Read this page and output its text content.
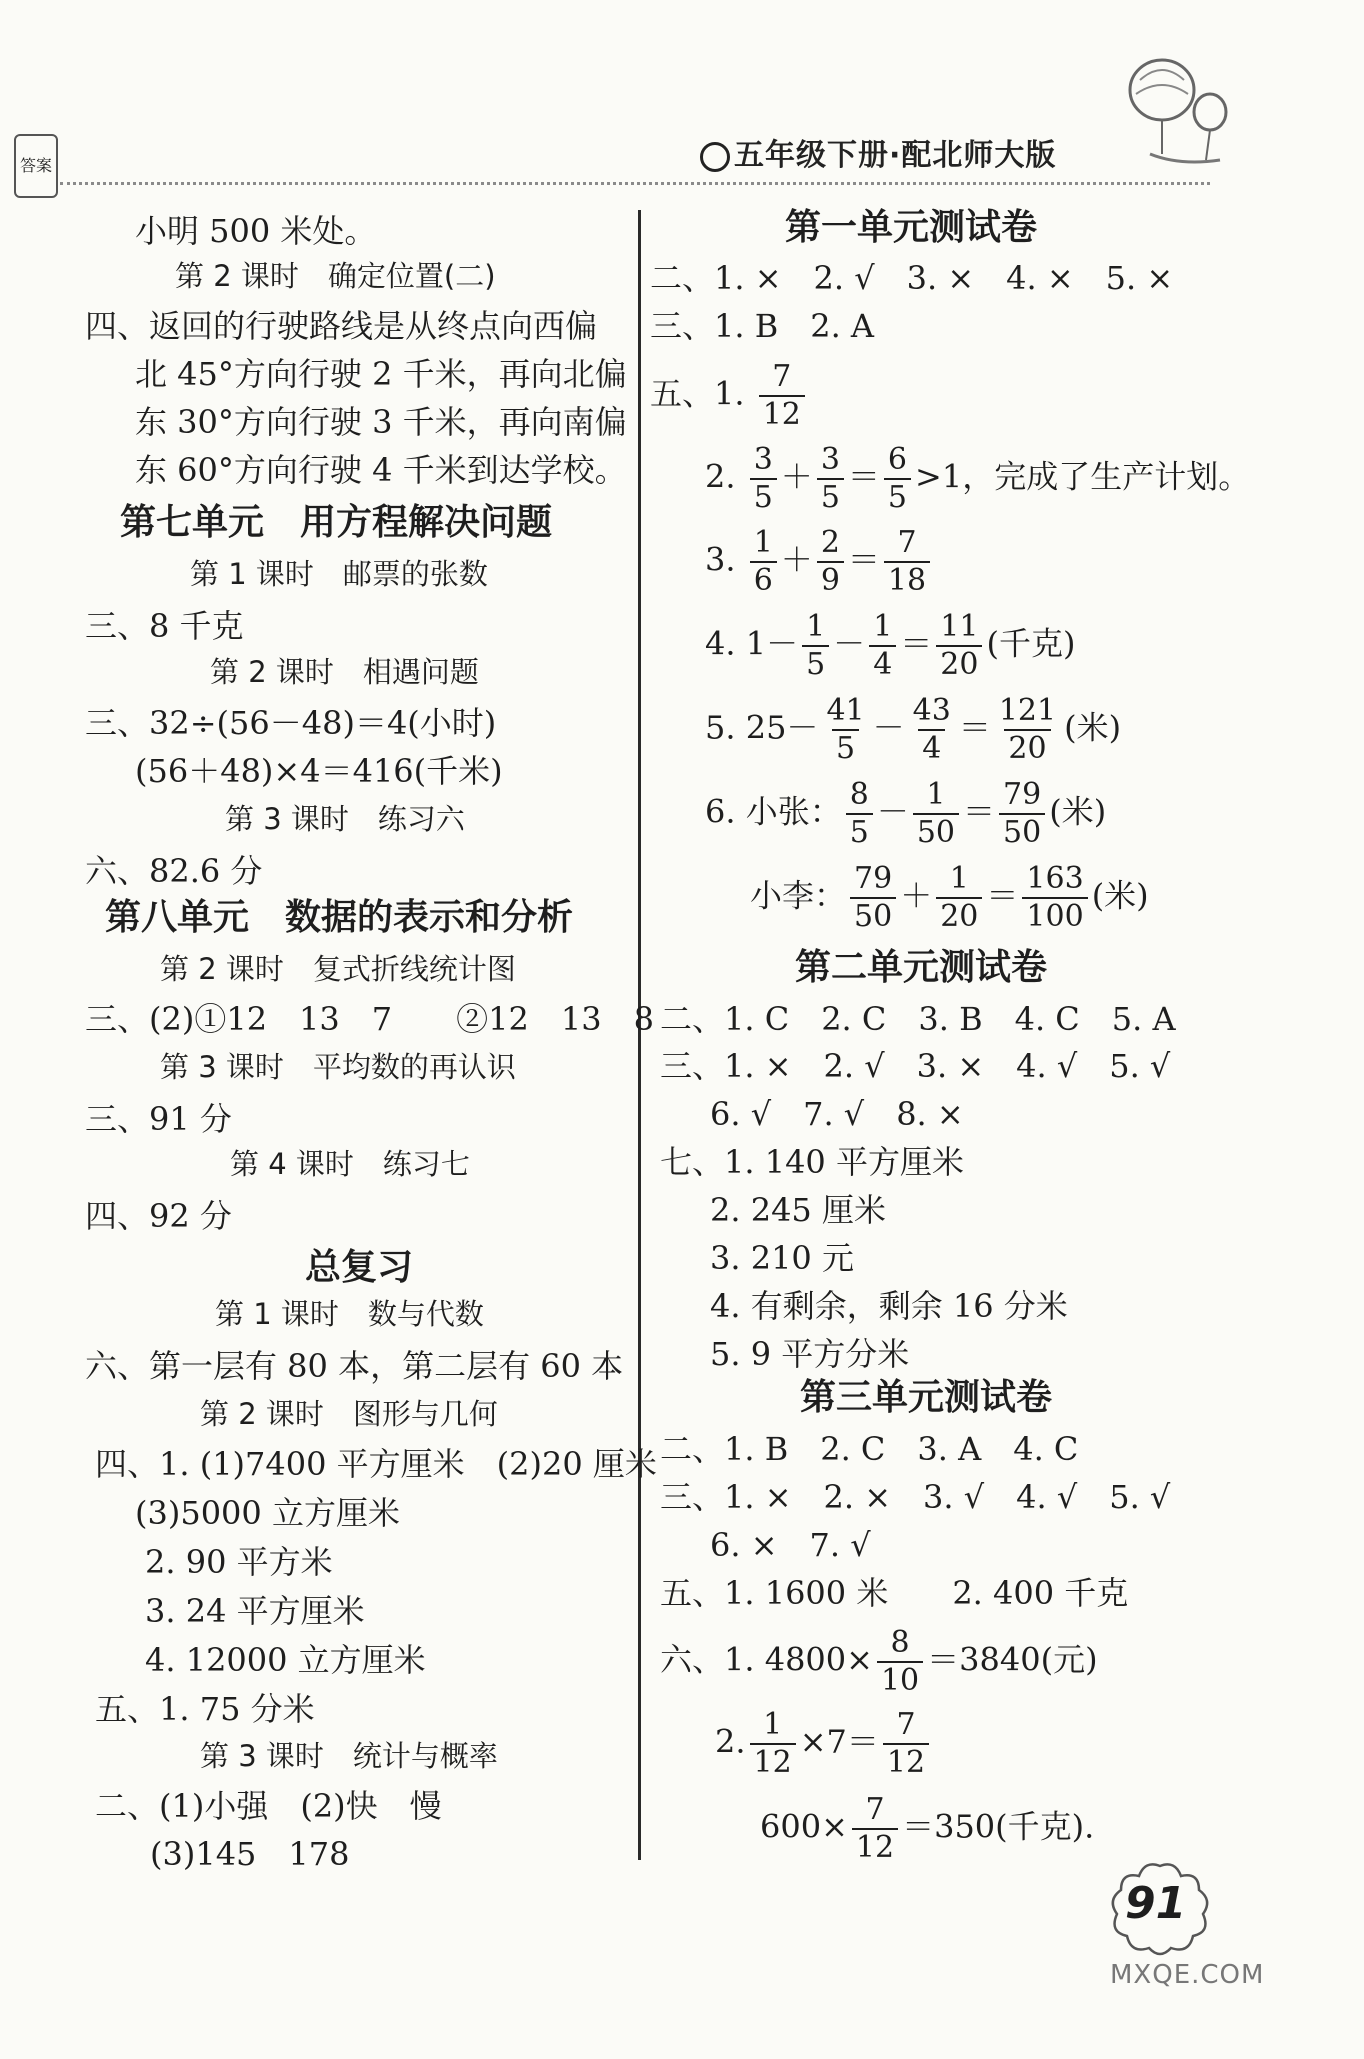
答案	五年级下册·配北师大版
小明 500 米处。
第 2 课时　确定位置(二)
四、返回的行驶路线是从终点向西偏
北 45°方向行驶 2 千米，再向北偏
东 30°方向行驶 3 千米，再向南偏
东 60°方向行驶 4 千米到达学校。
第七单元　用方程解决问题
第 1 课时　邮票的张数
三、8 千克
第 2 课时　相遇问题
三、32÷(56－48)＝4(小时)
(56＋48)×4＝416(千米)
第 3 课时　练习六
六、82.6 分
第八单元　数据的表示和分析
第 2 课时　复式折线统计图
三、(2)①12　13　7　　②12　13　8
第 3 课时　平均数的再认识
三、91 分
第 4 课时　练习七
四、92 分
总复习
第 1 课时　数与代数
六、第一层有 80 本，第二层有 60 本
第 2 课时　图形与几何
四、1. (1)7400 平方厘米　(2)20 厘米
(3)5000 立方厘米
2. 90 平方米
3. 24 平方厘米
4. 12000 立方厘米
五、1. 75 分米
第 3 课时　统计与概率
二、(1)小强　(2)快　慢
(3)145　178
第一单元测试卷
二、1. ×　2. √　3. ×　4. ×　5. ×
三、1. B　2. A
五、1. $\frac{7}{12}$
2. $\frac{3}{5} + \frac{3}{5} = \frac{6}{5} >1$，完成了生产计划。
3. $\frac{1}{6} + \frac{2}{9} = \frac{7}{18}$
4. $1- \frac{1}{5} - \frac{1}{4} = \frac{11}{20}$ (千克)
5. $25- \frac{41}{5} - \frac{43}{4} = \frac{121}{20}$ (米)
6. 小张： $\frac{8}{5} - \frac{1}{50} = \frac{79}{50}$ (米)
小李： $\frac{79}{50} + \frac{1}{20} = \frac{163}{100}$ (米)
第二单元测试卷
二、1. C　2. C　3. B　4. C　5. A
三、1. ×　2. √　3. ×　4. √　5. √
6. √　7. √　8. ×
七、1. 140 平方厘米
2. 245 厘米
3. 210 元
4. 有剩余，剩余 16 分米
5. 9 平方分米
第三单元测试卷
二、1. B　2. C　3. A　4. C
三、1. ×　2. ×　3. √　4. √　5. √
6. ×　7. √
五、1. 1600 米　　2. 400 千克
六、1. $4800\times \frac{8}{10} =3840$(元)
2. $\frac{1}{12} \times 7= \frac{7}{12}$
$600\times \frac{7}{12} =350$(千克).
91
MXQE.COM
